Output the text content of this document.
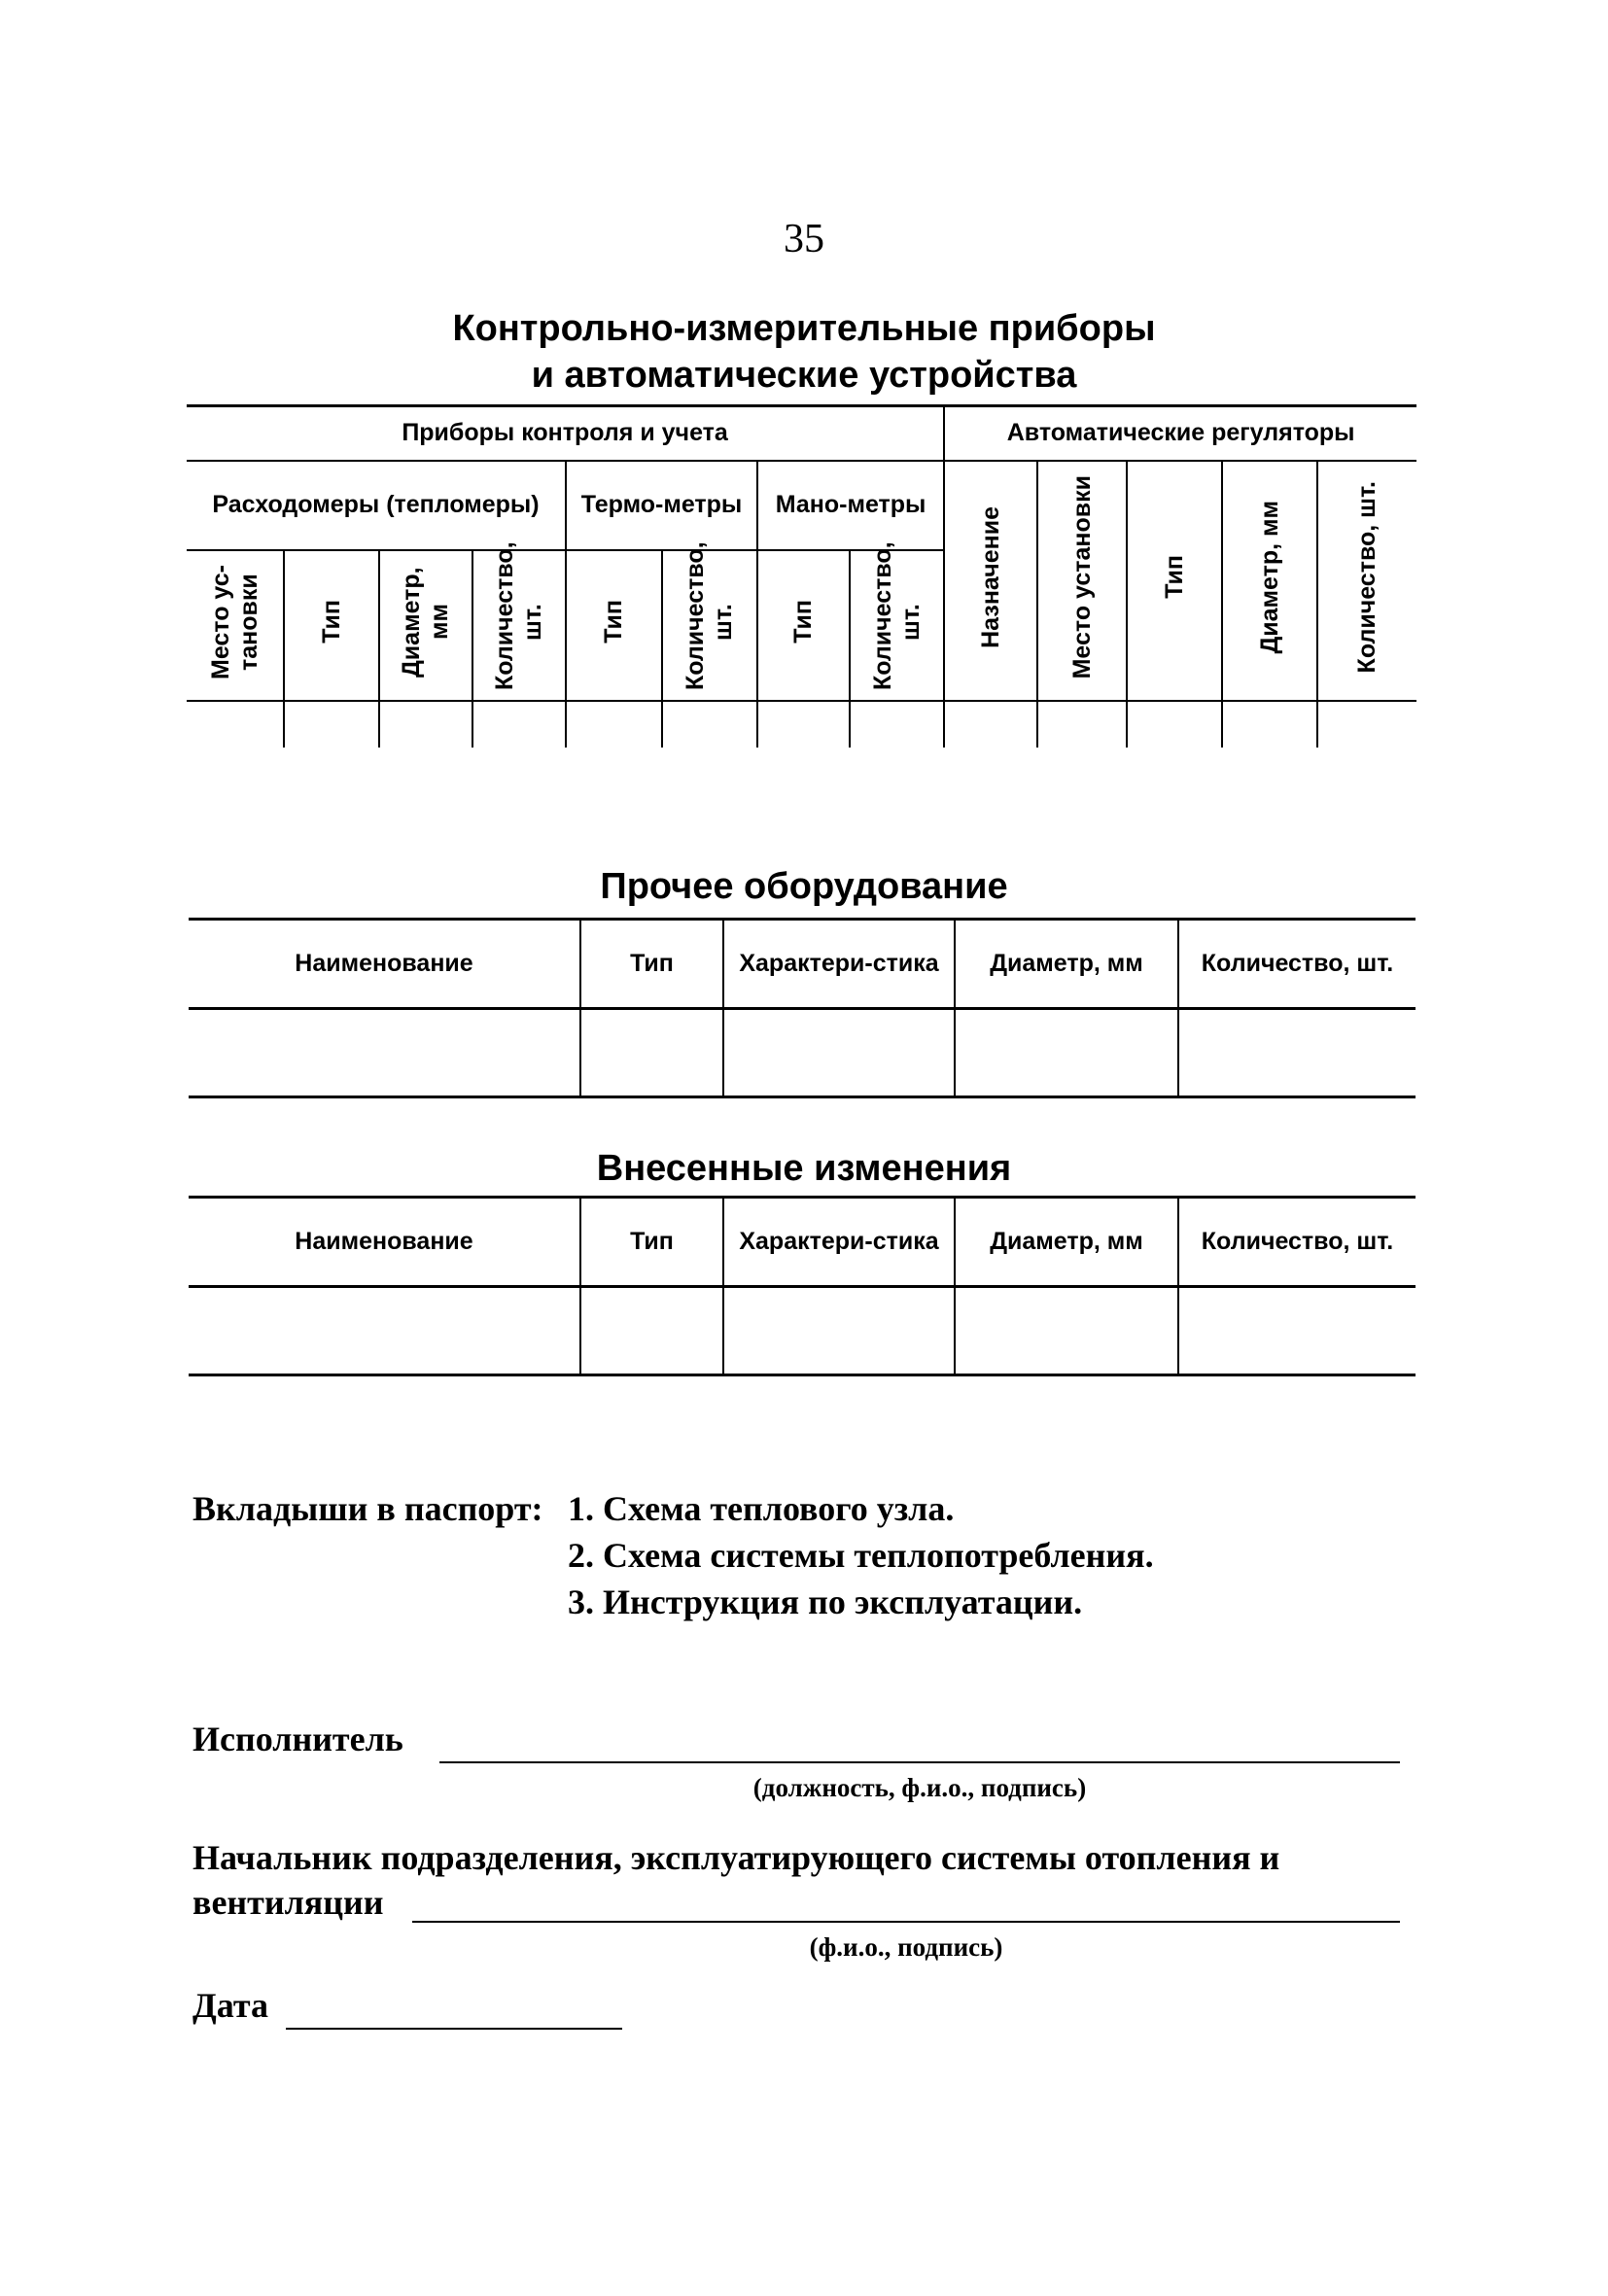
35
Контрольно-измерительные приборы
и автоматические устройства
Приборы контроля и учета								Автоматические регуляторы				
Расходомеры (тепломеры)				Термо-метры		Мано-метры		Назначение	Место установки	Тип	Диаметр, мм	Количество, шт.
Место ус-тановки	Тип	Диаметр, мм	Количество, шт.	Тип	Количество, шт.	Тип	Количество, шт.					

Прочее оборудование
Наименование	Тип	Характери-стика	Диаметр, мм	Количество, шт.

Внесенные изменения
Наименование	Тип	Характери-стика	Диаметр, мм	Количество, шт.

Вкладыши в паспорт: 1. Схема теплового узла.
2. Схема системы теплопотребления.
3. Инструкция по эксплуатации.
Исполнитель
(должность, ф.и.о., подпись)
Начальник подразделения, эксплуатирующего системы отопления и
вентиляции
(ф.и.о., подпись)
Дата
